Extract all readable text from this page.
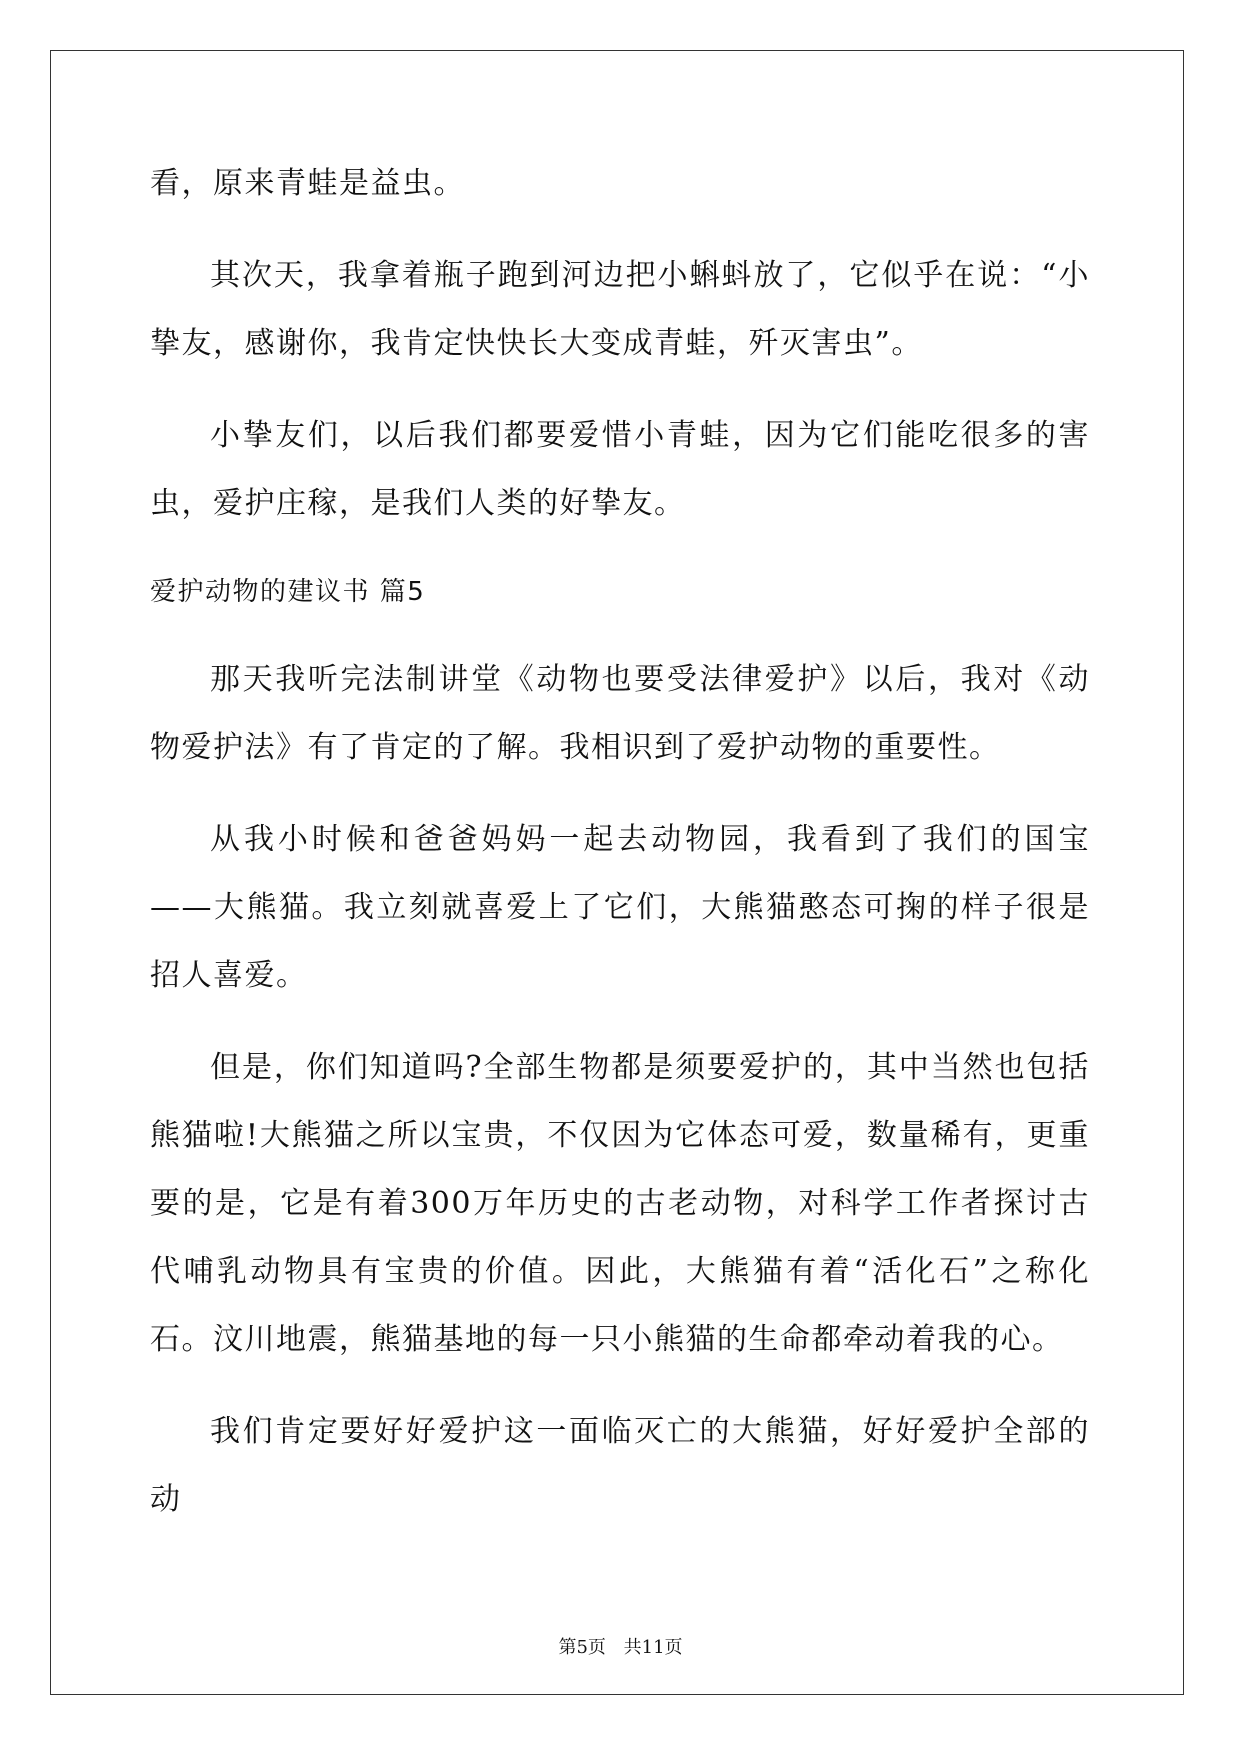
看，原来青蛙是益虫。

其次天，我拿着瓶子跑到河边把小蝌蚪放了，它似乎在说：“小挚友，感谢你，我肯定快快长大变成青蛙，歼灭害虫”。

小挚友们，以后我们都要爱惜小青蛙，因为它们能吃很多的害虫，爱护庄稼，是我们人类的好挚友。

爱护动物的建议书 篇5

那天我听完法制讲堂《动物也要受法律爱护》以后，我对《动物爱护法》有了肯定的了解。我相识到了爱护动物的重要性。

从我小时候和爸爸妈妈一起去动物园，我看到了我们的国宝——大熊猫。我立刻就喜爱上了它们，大熊猫憨态可掬的样子很是招人喜爱。

但是，你们知道吗?全部生物都是须要爱护的，其中当然也包括熊猫啦!大熊猫之所以宝贵，不仅因为它体态可爱，数量稀有，更重要的是，它是有着300万年历史的古老动物，对科学工作者探讨古代哺乳动物具有宝贵的价值。因此，大熊猫有着“活化石”之称化石。汶川地震，熊猫基地的每一只小熊猫的生命都牵动着我的心。

我们肯定要好好爱护这一面临灭亡的大熊猫，好好爱护全部的动

第5页 共11页
